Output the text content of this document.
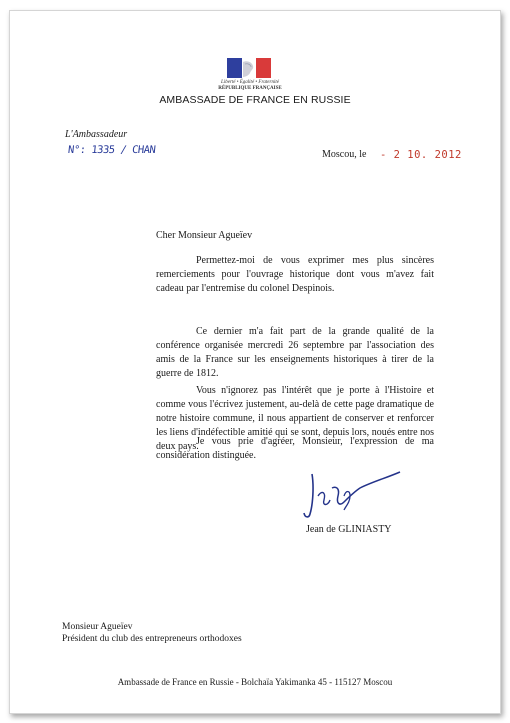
Liberté • Égalité • Fraternité
RÉPUBLIQUE FRANÇAISE
AMBASSADE DE FRANCE EN RUSSIE
L'Ambassadeur
N°: 1335 / CHAN	Moscou, le - 2 10. 2012
Cher Monsieur Agueïev

Permettez-moi de vous exprimer mes plus sincères remerciements pour l'ouvrage historique dont vous m'avez fait cadeau par l'entremise du colonel Despinois.

Ce dernier m'a fait part de la grande qualité de la conférence organisée mercredi 26 septembre par l'association des amis de la France sur les enseignements historiques à tirer de la guerre de 1812.

Vous n'ignorez pas l'intérêt que je porte à l'Histoire et comme vous l'écrivez justement, au-delà de cette page dramatique de notre histoire commune, il nous appartient de conserver et renforcer les liens d'indéfectible amitié qui se sont, depuis lors, noués entre nos deux pays.

Je vous prie d'agréer, Monsieur, l'expression de ma considération distinguée.

Jean de GLINIASTY
Monsieur Agueïev
Président du club des entrepreneurs orthodoxes
Ambassade de France en Russie - Bolchaïa Yakimanka 45 - 115127 Moscou
